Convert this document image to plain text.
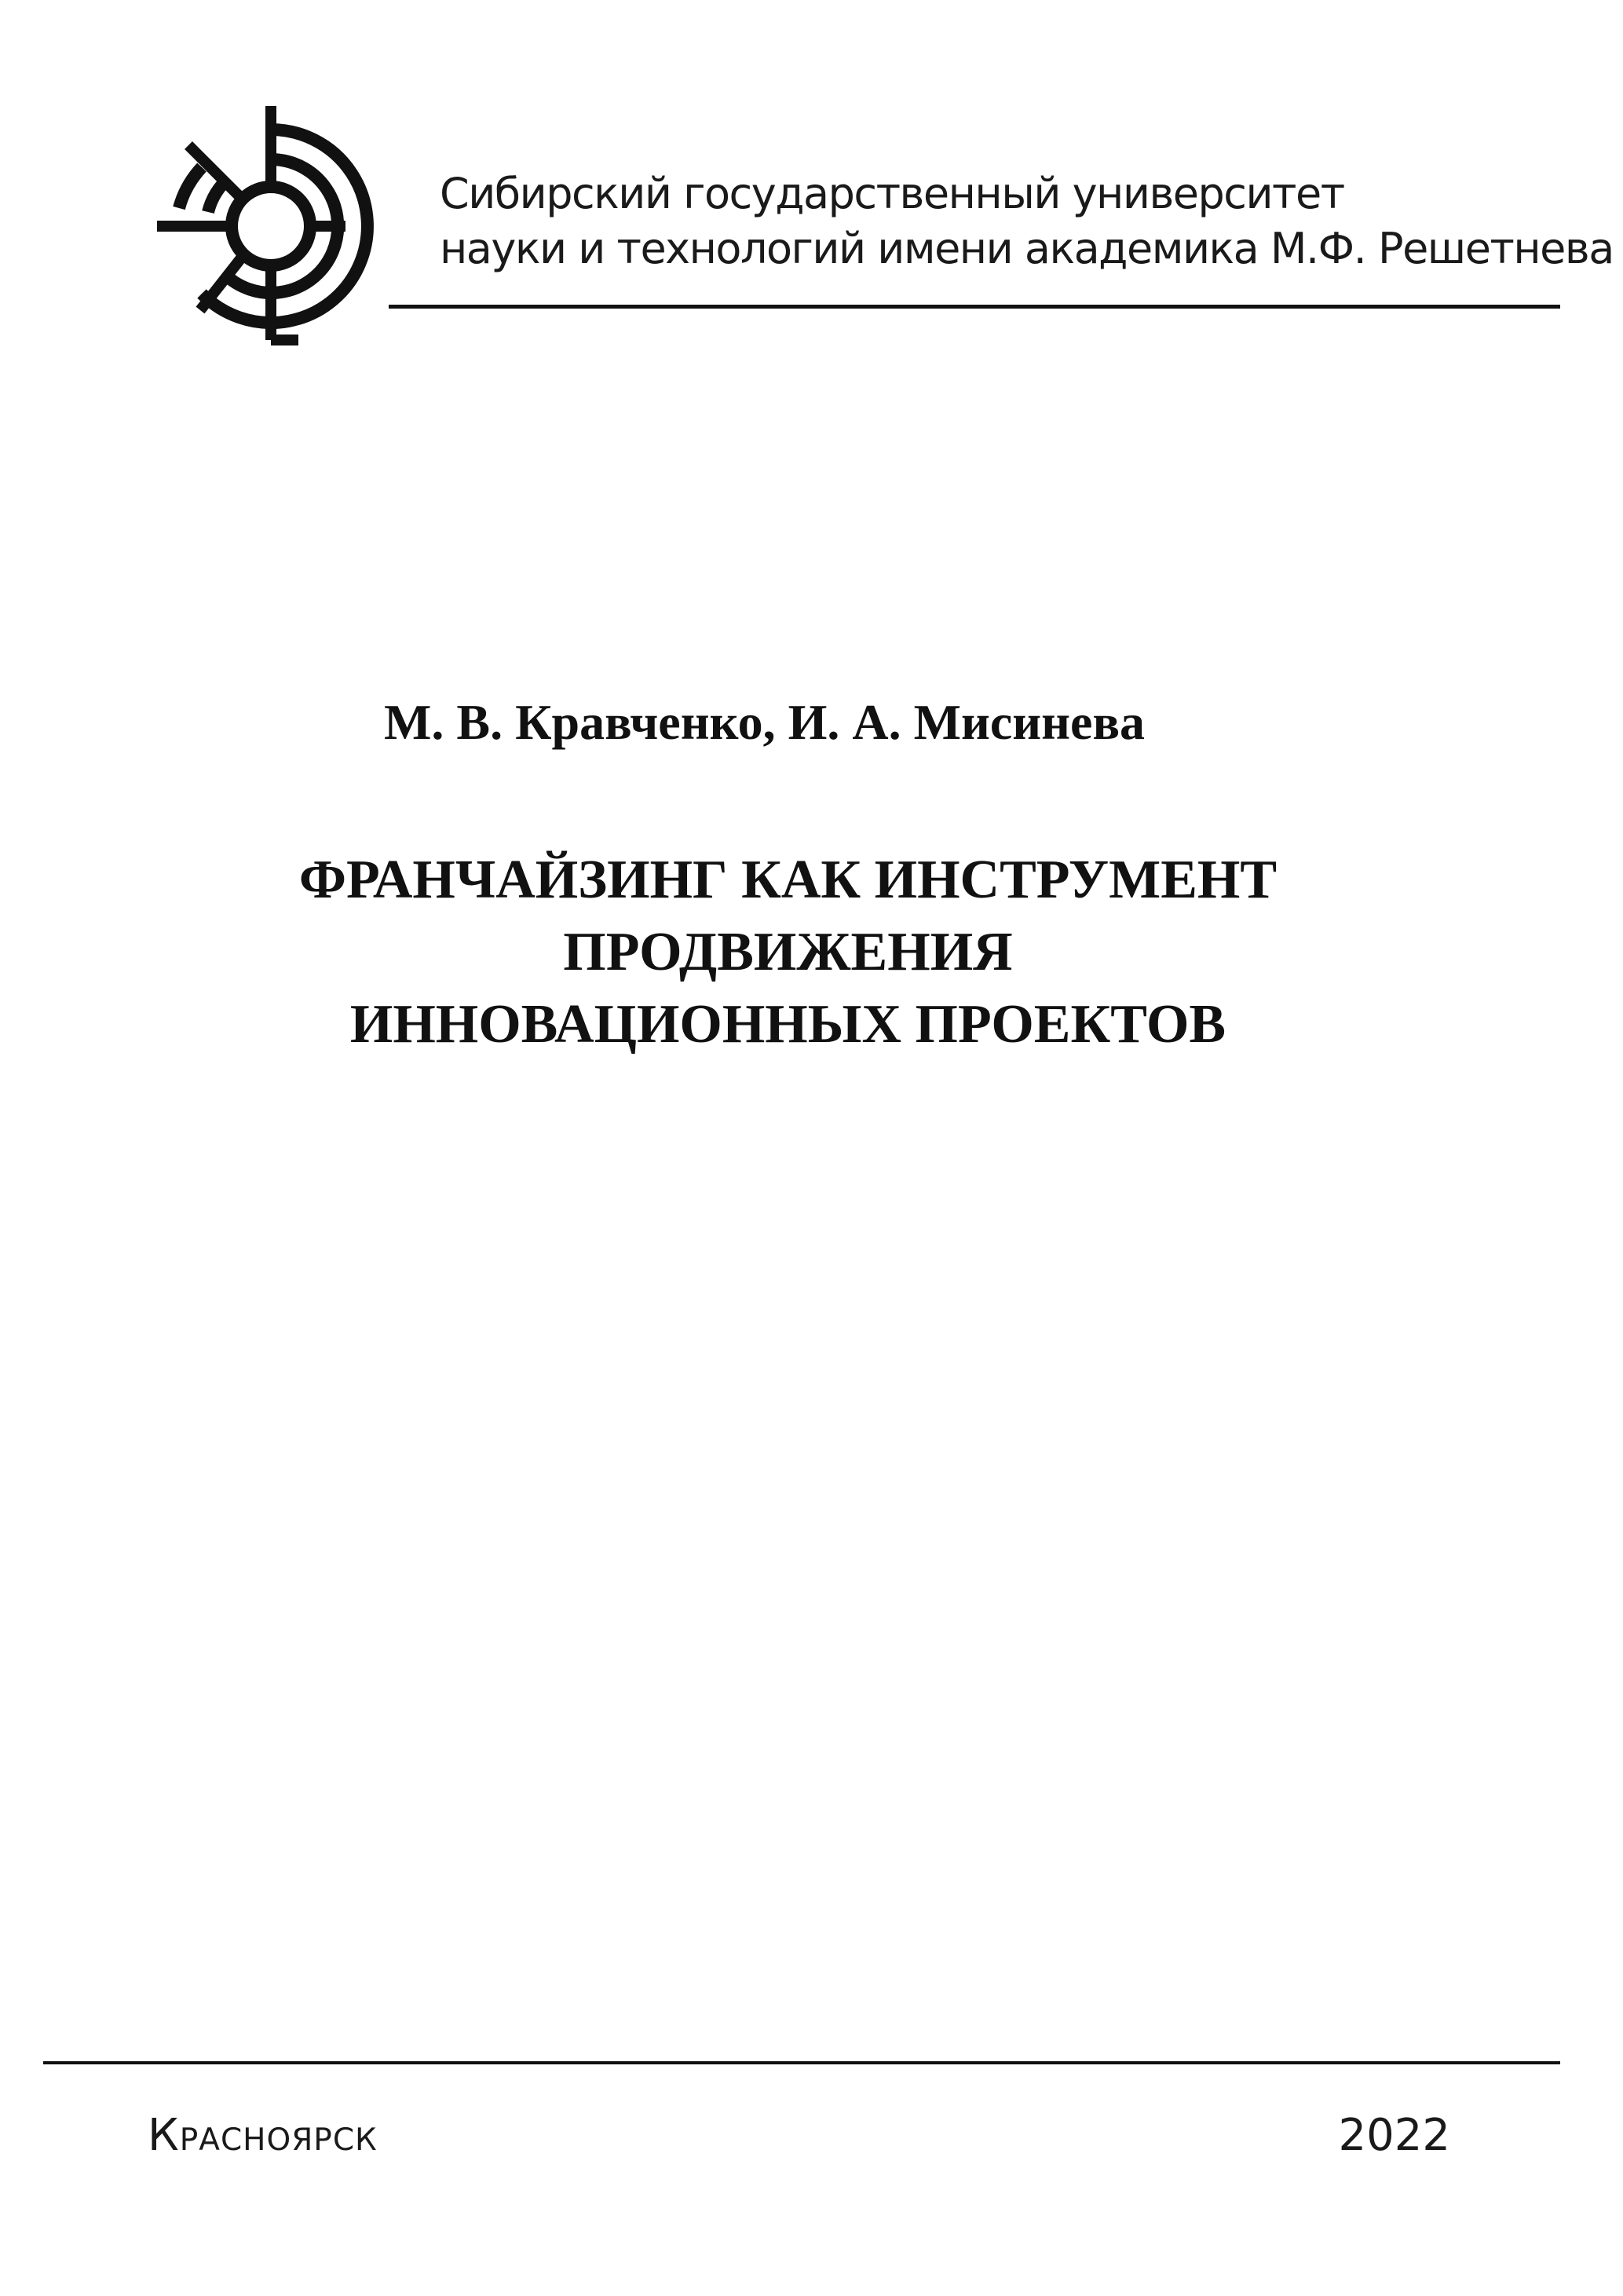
Сибирский государственный университет
науки и технологий имени академика М.Ф. Решетнева
М. В. Кравченко, И. А. Мисинева
ФРАНЧАЙЗИНГ КАК ИНСТРУМЕНТ
ПРОДВИЖЕНИЯ
ИННОВАЦИОННЫХ ПРОЕКТОВ
Красноярск	2022
